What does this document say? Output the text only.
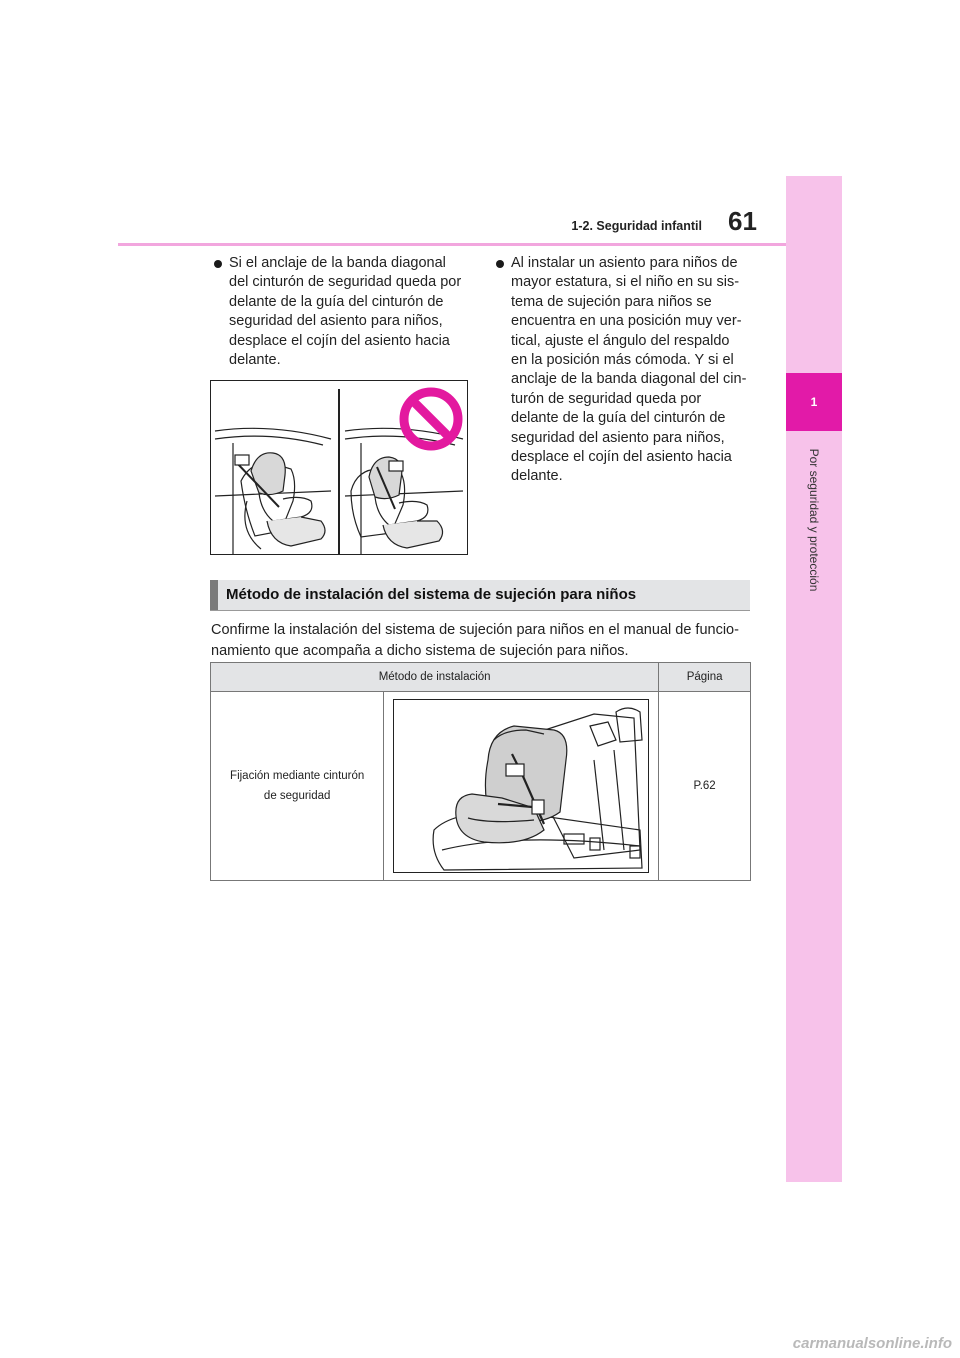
1
Por seguridad y protección
1-2. Seguridad infantil 61
Si el anclaje de la banda diagonal
del cinturón de seguridad queda por
delante de la guía del cinturón de
seguridad del asiento para niños,
desplace el cojín del asiento hacia
delante.
Al instalar un asiento para niños de
mayor estatura, si el niño en su sis-
tema de sujeción para niños se
encuentra en una posición muy ver-
tical, ajuste el ángulo del respaldo
en la posición más cómoda. Y si el
anclaje de la banda diagonal del cin-
turón de seguridad queda por
delante de la guía del cinturón de
seguridad del asiento para niños,
desplace el cojín del asiento hacia
delante.
Método de instalación del sistema de sujeción para niños
Confirme la instalación del sistema de sujeción para niños en el manual de funcio-
namiento que acompaña a dicho sistema de sujeción para niños.
Método de instalación		Página

Fijación mediante cinturón
de seguridad		P.62
carmanualsonline.info
